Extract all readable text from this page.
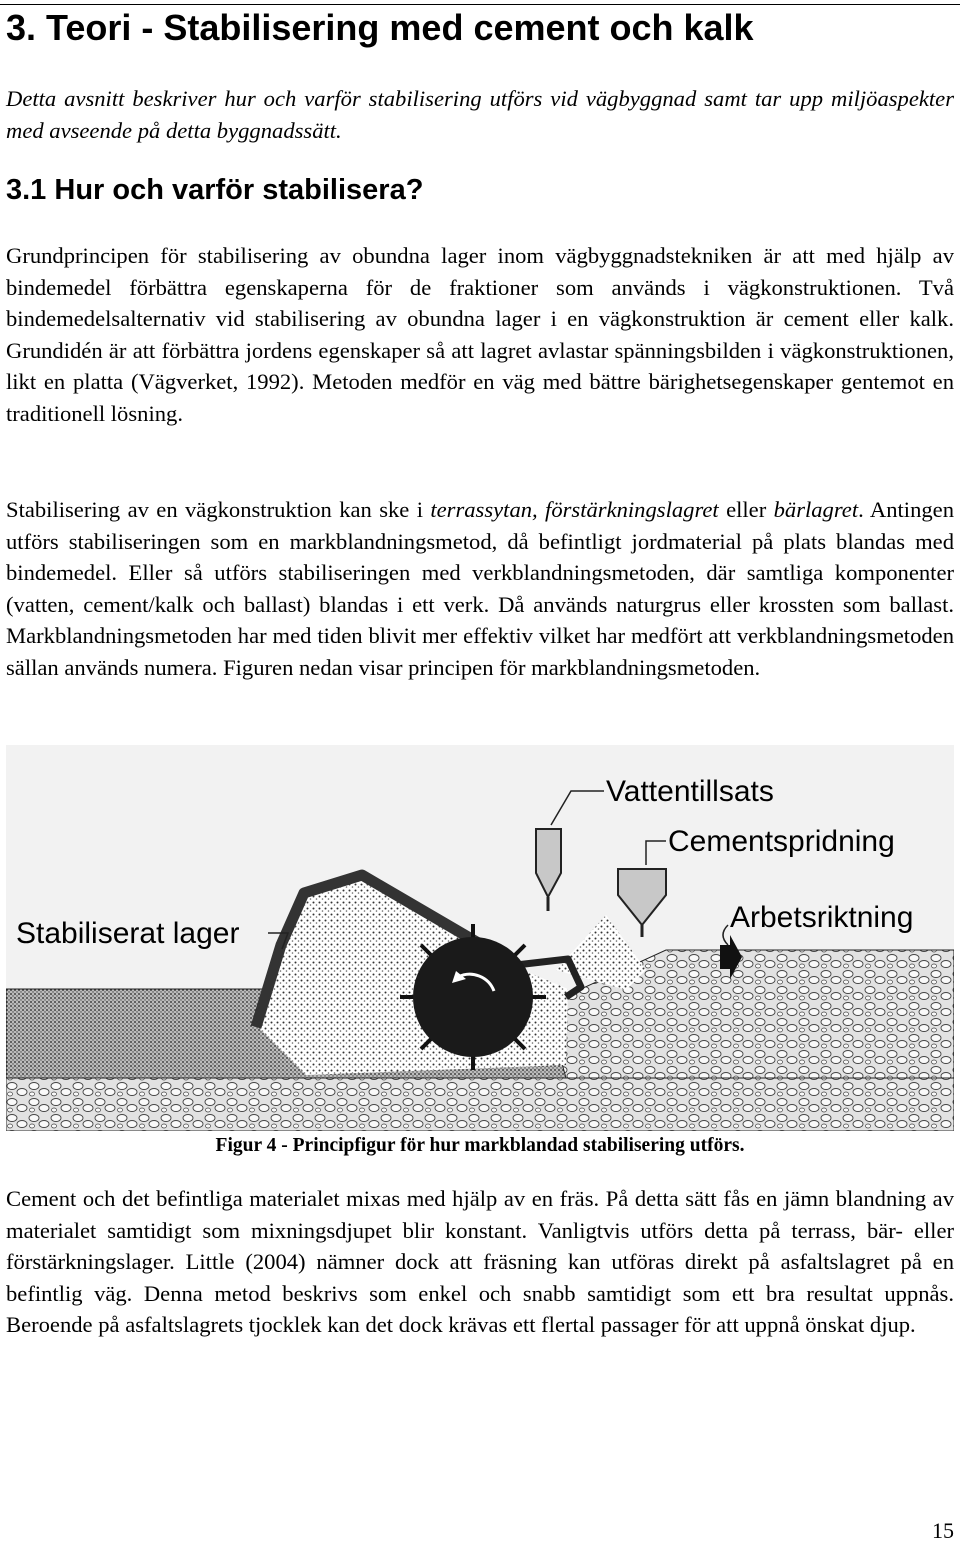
3. Teori - Stabilisering med cement och kalk

Detta avsnitt beskriver hur och varför stabilisering utförs vid vägbyggnad samt tar upp miljöaspekter med avseende på detta byggnadssätt.

3.1 Hur och varför stabilisera?

Grundprincipen för stabilisering av obundna lager inom vägbyggnadstekniken är att med hjälp av bindemedel förbättra egenskaperna för de fraktioner som används i vägkonstruktionen. Två bindemedelsalternativ vid stabilisering av obundna lager i en vägkonstruktion är cement eller kalk. Grundidén är att förbättra jordens egenskaper så att lagret avlastar spänningsbilden i vägkonstruktionen, likt en platta (Vägverket, 1992). Metoden medför en väg med bättre bärighetsegenskaper gentemot en traditionell lösning.

Stabilisering av en vägkonstruktion kan ske i terrassytan, förstärkningslagret eller bärlagret. Antingen utförs stabiliseringen som en markblandningsmetod, då befintligt jordmaterial på plats blandas med bindemedel. Eller så utförs stabiliseringen med verkblandningsmetoden, där samtliga komponenter (vatten, cement/kalk och ballast) blandas i ett verk. Då används naturgrus eller krossten som ballast. Markblandningsmetoden har med tiden blivit mer effektiv vilket har medfört att verkblandningsmetoden sällan används numera. Figuren nedan visar principen för markblandningsmetoden.

Vattentillsats
Cementspridning
Arbetsriktning
Stabiliserat lager

Figur 4 - Principfigur för hur markblandad stabilisering utförs.

Cement och det befintliga materialet mixas med hjälp av en fräs. På detta sätt fås en jämn blandning av materialet samtidigt som mixningsdjupet blir konstant. Vanligtvis utförs detta på terrass, bär- eller förstärkningslager. Little (2004) nämner dock att fräsning kan utföras direkt på asfaltslagret på en befintlig väg. Denna metod beskrivs som enkel och snabb samtidigt som ett bra resultat uppnås. Beroende på asfaltslagrets tjocklek kan det dock krävas ett flertal passager för att uppnå önskat djup.

15
